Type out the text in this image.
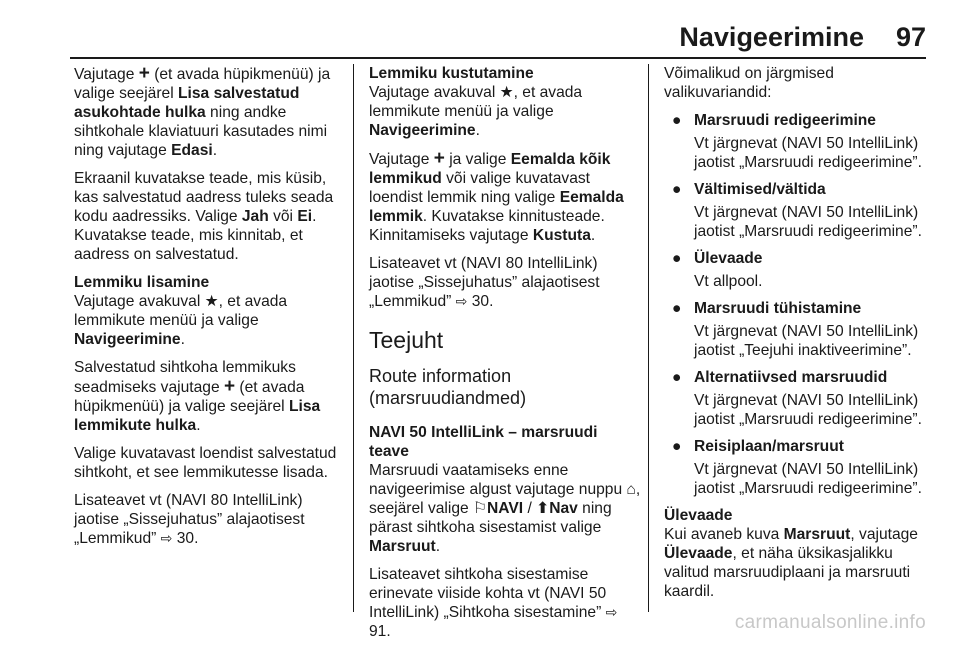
Navigeerimine 97

Vajutage + (et avada hüpikmenüü) ja valige seejärel Lisa salvestatud asukohtade hulka ning andke sihtkohale klaviatuuri kasutades nimi ning vajutage Edasi.

Ekraanil kuvatakse teade, mis küsib, kas salvestatud aadress tuleks seada kodu aadressiks. Valige Jah või Ei. Kuvatakse teade, mis kinnitab, et aadress on salvestatud.

Lemmiku lisamine

Vajutage avakuval ★, et avada lemmikute menüü ja valige Navigeerimine.

Salvestatud sihtkoha lemmikuks seadmiseks vajutage + (et avada hüpikmenüü) ja valige seejärel Lisa lemmikute hulka.

Valige kuvatavast loendist salvestatud sihtkoht, et see lemmikutesse lisada.

Lisateavet vt (NAVI 80 IntelliLink) jaotise „Sissejuhatus” alajaotisest „Lemmikud” ⇨ 30.

Lemmiku kustutamine

Vajutage avakuval ★, et avada lemmikute menüü ja valige Navigeerimine.

Vajutage + ja valige Eemalda kõik lemmikud või valige kuvatavast loendist lemmik ning valige Eemalda lemmik. Kuvatakse kinnitusteade. Kinnitamiseks vajutage Kustuta.

Lisateavet vt (NAVI 80 IntelliLink) jaotise „Sissejuhatus” alajaotisest „Lemmikud” ⇨ 30.

Teejuht
Route information (marsruudiandmed)

NAVI 50 IntelliLink – marsruudi teave

Marsruudi vaatamiseks enne navigeerimise algust vajutage nuppu ⌂, seejärel valige ⚐NAVI / ⬆Nav ning pärast sihtkoha sisestamist valige Marsruut.

Lisateavet sihtkoha sisestamise erinevate viiside kohta vt (NAVI 50 IntelliLink) „Sihtkoha sisestamine” ⇨ 91.

Võimalikud on järgmised valikuvariandid:

● Marsruudi redigeerimine
Vt järgnevat (NAVI 50 IntelliLink) jaotist „Marsruudi redigeerimine”.
● Vältimised/vältida
Vt järgnevat (NAVI 50 IntelliLink) jaotist „Marsruudi redigeerimine”.
● Ülevaade
Vt allpool.
● Marsruudi tühistamine
Vt järgnevat (NAVI 50 IntelliLink) jaotist „Teejuhi inaktiveerimine”.
● Alternatiivsed marsruudid
Vt järgnevat (NAVI 50 IntelliLink) jaotist „Marsruudi redigeerimine”.
● Reisiplaan/marsruut
Vt järgnevat (NAVI 50 IntelliLink) jaotist „Marsruudi redigeerimine”.

Ülevaade

Kui avaneb kuva Marsruut, vajutage Ülevaade, et näha üksikasjalikku valitud marsruudiplaani ja marsruuti kaardil.

carmanualsonline.info
